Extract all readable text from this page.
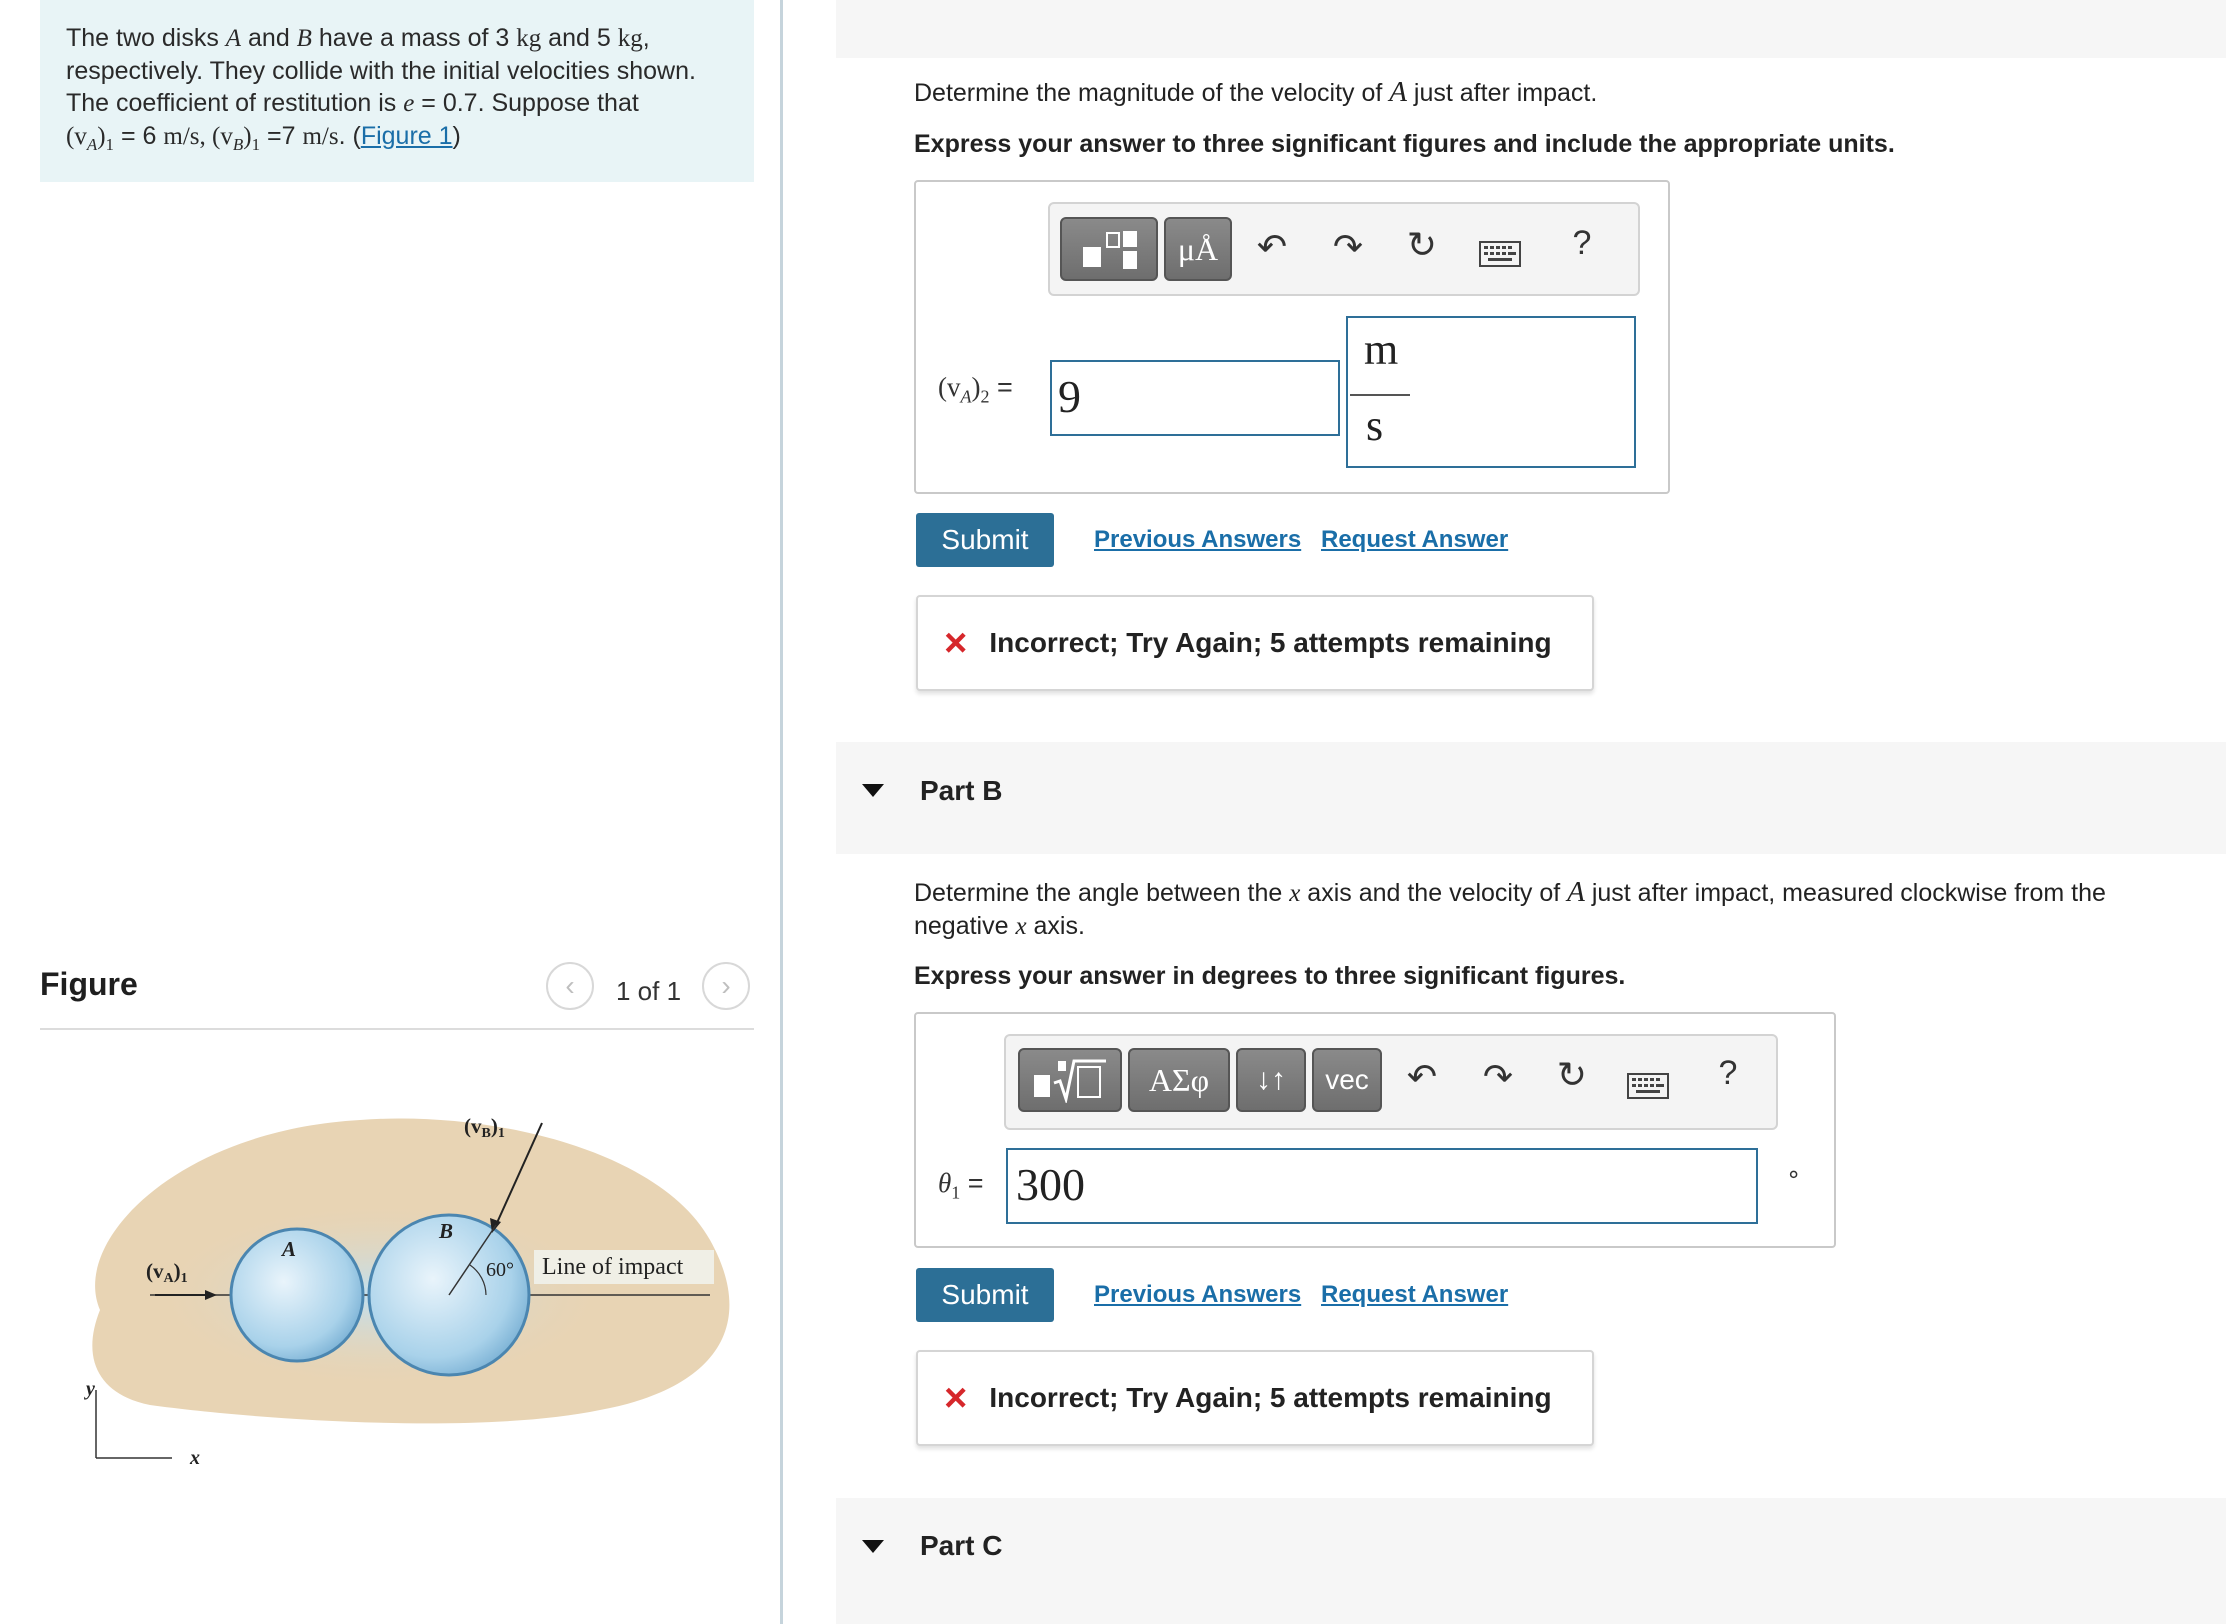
The two disks A and B have a mass of 3 kg and 5 kg,
respectively. They collide with the initial velocities shown.
The coefficient of restitution is e = 0.7. Suppose that
$(v_A)_1 = 6$ m/s, $(v_B)_1 =7$ m/s. (Figure 1)
Figure	‹ 1 of 1 ›
(vB)1
(vA)1
A
B
60° Line of impact
y
x
Determine the magnitude of the velocity of A just after impact.
Express your answer to three significant figures and include the appropriate units.
μÅ	↶ ↷ ↻	?
$(v_A)_2 = 9$
m
s
Submit	Previous Answers Request Answer
× Incorrect; Try Again; 5 attempts remaining
Part B
Determine the angle between the x axis and the velocity of A just after impact, measured clockwise from the
negative x axis.
Express your answer in degrees to three significant figures.
ΑΣφ	↓↑	vec	↶ ↷ ↻	?
$\theta_1 = 300$	∘
Submit	Previous Answers Request Answer
× Incorrect; Try Again; 5 attempts remaining
Part C
